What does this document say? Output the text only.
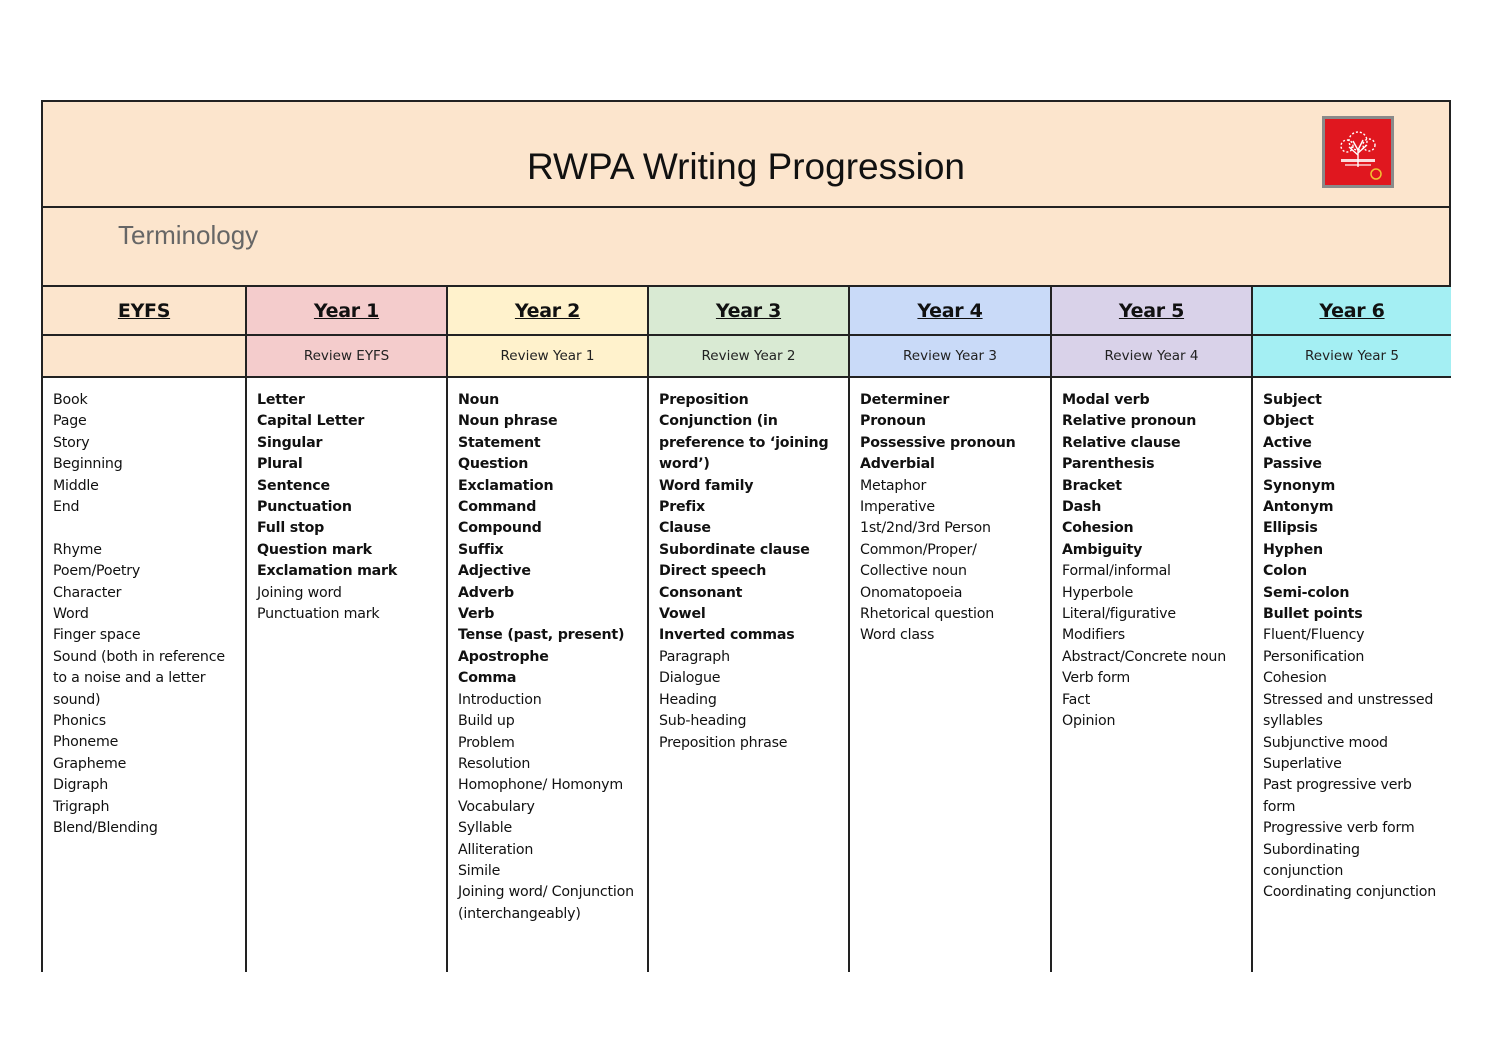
RWPA Writing Progression
Terminology
EYFS
Book
Page
Story
Beginning
Middle
End
Rhyme
Poem/Poetry
Character
Word
Finger space
Sound (both in reference to a noise and a letter sound)
Phonics
Phoneme
Grapheme
Digraph
Trigraph
Blend/Blending
Year 1
Review EYFS
Letter
Capital Letter
Singular
Plural
Sentence
Punctuation
Full stop
Question mark
Exclamation mark
Joining word
Punctuation mark
Year 2
Review Year 1
Noun
Noun phrase
Statement
Question
Exclamation
Command
Compound
Suffix
Adjective
Adverb
Verb
Tense (past, present)
Apostrophe
Comma
Introduction
Build up
Problem
Resolution
Homophone/ Homonym
Vocabulary
Syllable
Alliteration
Simile
Joining word/ Conjunction (interchangeably)
Year 3
Review Year 2
Preposition
Conjunction (in preference to ‘joining word’)
Word family
Prefix
Clause
Subordinate clause
Direct speech
Consonant
Vowel
Inverted commas
Paragraph
Dialogue
Heading
Sub-heading
Preposition phrase
Year 4
Review Year 3
Determiner
Pronoun
Possessive pronoun
Adverbial
Metaphor
Imperative
1st/2nd/3rd Person
Common/Proper/ Collective noun
Onomatopoeia
Rhetorical question
Word class
Year 5
Review Year 4
Modal verb
Relative pronoun
Relative clause
Parenthesis
Bracket
Dash
Cohesion
Ambiguity
Formal/informal
Hyperbole
Literal/figurative
Modifiers
Abstract/Concrete noun
Verb form
Fact
Opinion
Year 6
Review Year 5
Subject
Object
Active
Passive
Synonym
Antonym
Ellipsis
Hyphen
Colon
Semi-colon
Bullet points
Fluent/Fluency
Personification
Cohesion
Stressed and unstressed syllables
Subjunctive mood
Superlative
Past progressive verb form
Progressive verb form
Subordinating conjunction
Coordinating conjunction
